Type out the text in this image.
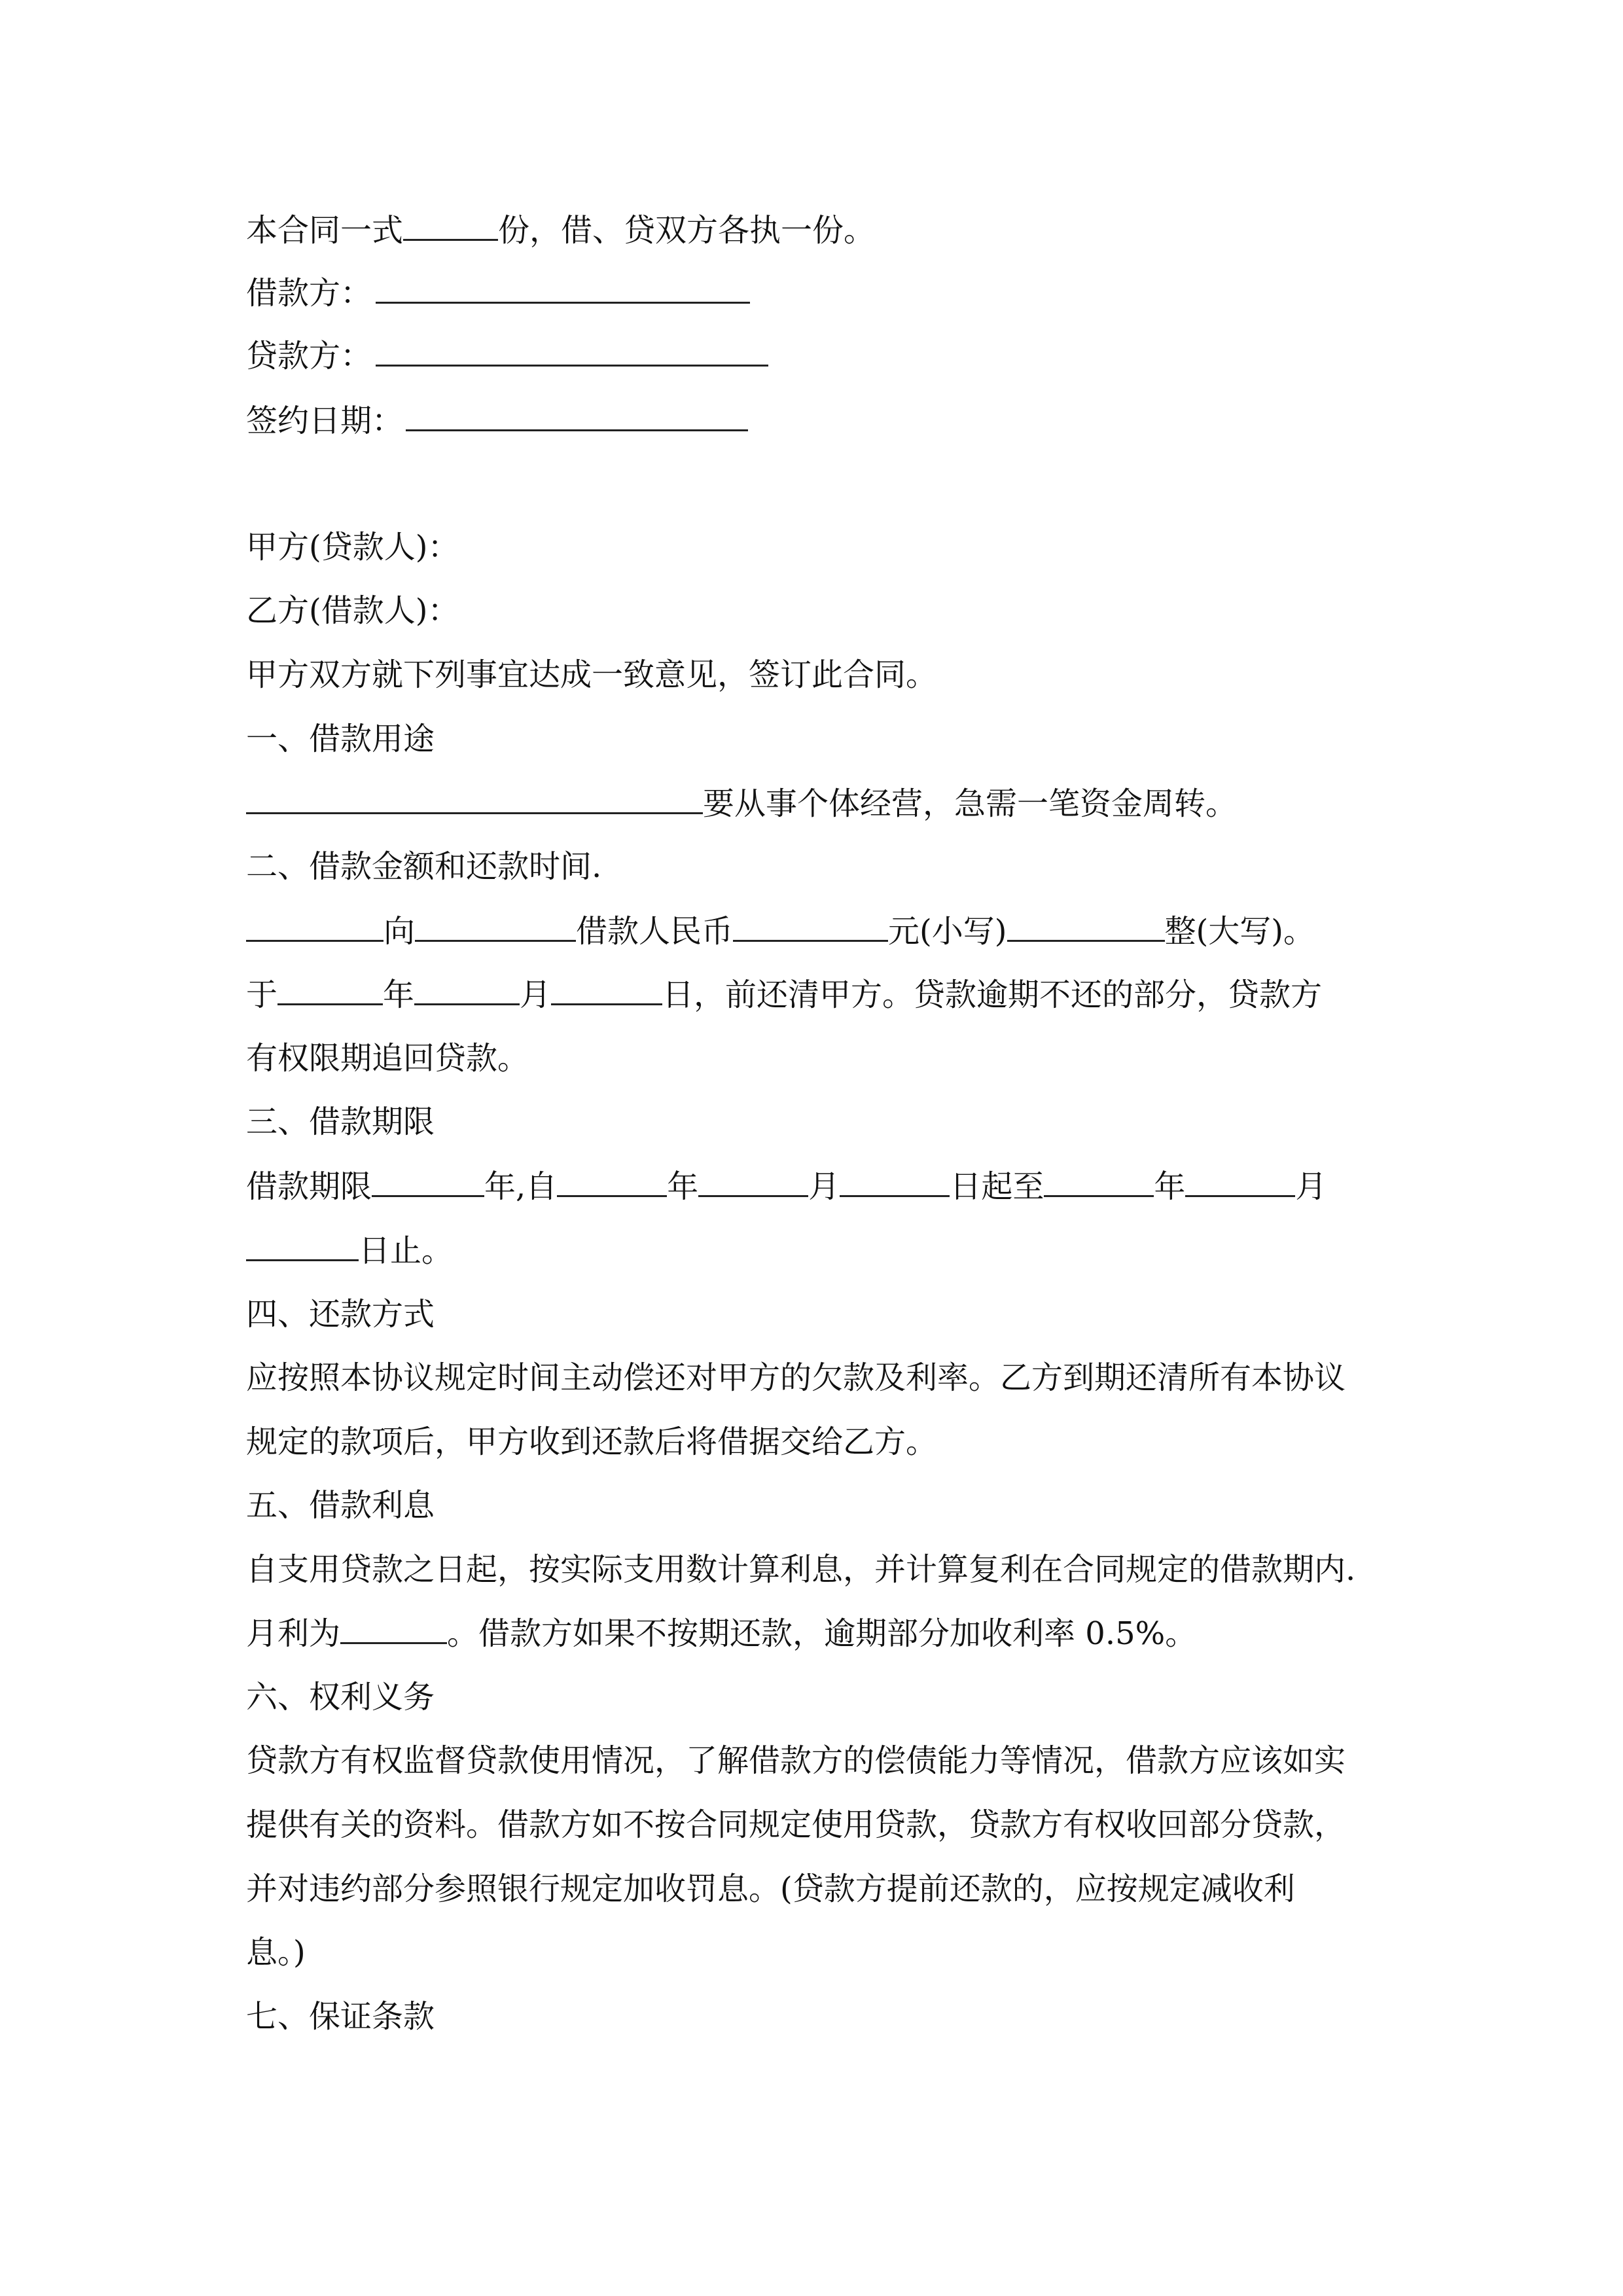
本合同一式	份，借、贷双方各执一份。
借款方：
贷款方：
签约日期：
甲方(贷款人)：
乙方(借款人)：
甲方双方就下列事宜达成一致意见，签订此合同。
一、借款用途
要从事个体经营，急需一笔资金周转。
二、借款金额和还款时间.
向	借款人民币	元(小写)	整(大写)。
于	年	月	日，前还清甲方。贷款逾期不还的部分，贷款方
有权限期追回贷款。
三、借款期限
借款期限	年,自	年	月	日起至	年	月
日止。
四、还款方式
应按照本协议规定时间主动偿还对甲方的欠款及利率。乙方到期还清所有本协议
规定的款项后，甲方收到还款后将借据交给乙方。
五、借款利息
自支用贷款之日起，按实际支用数计算利息，并计算复利在合同规定的借款期内.
月利为	。借款方如果不按期还款，逾期部分加收利率 0.5%。
六、权利义务
贷款方有权监督贷款使用情况，了解借款方的偿债能力等情况，借款方应该如实
提供有关的资料。借款方如不按合同规定使用贷款，贷款方有权收回部分贷款，
并对违约部分参照银行规定加收罚息。(贷款方提前还款的，应按规定减收利
息。)
七、保证条款
